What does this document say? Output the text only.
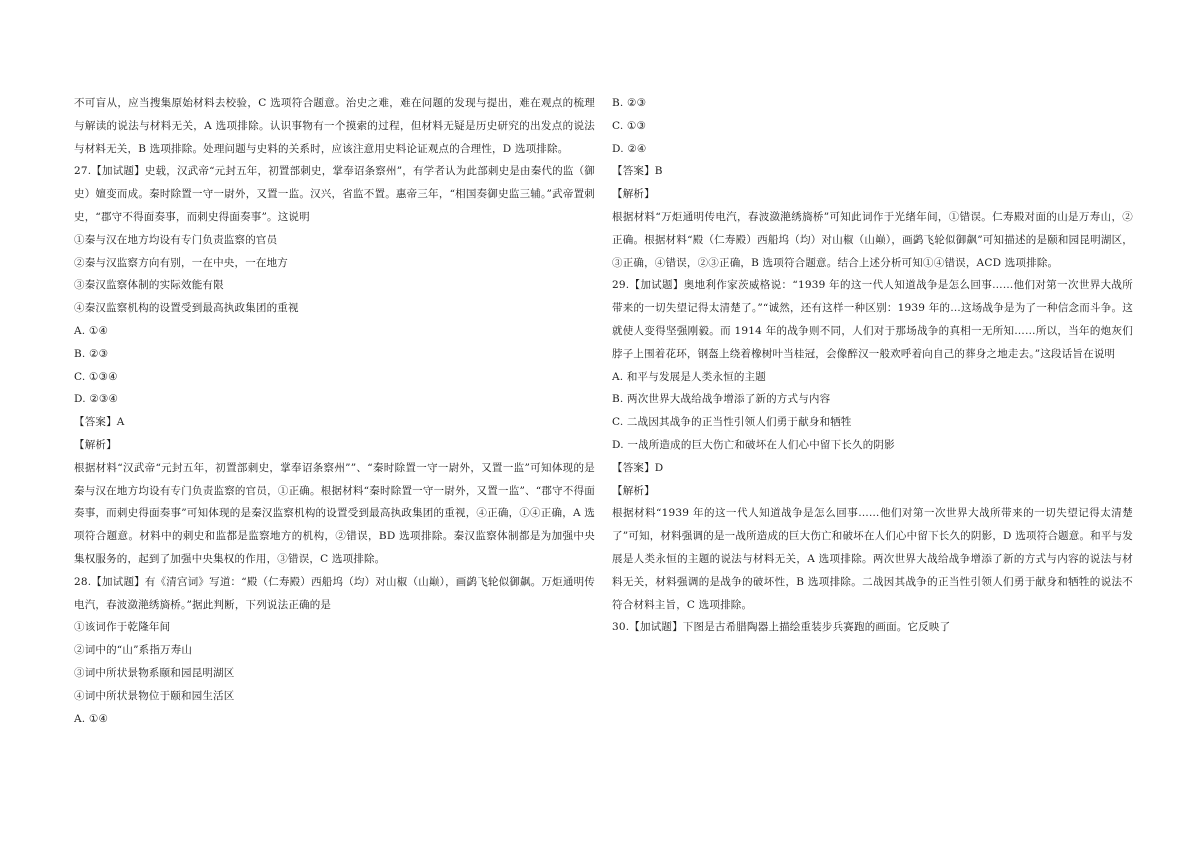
不可盲从，应当搜集原始材料去校验，C 选项符合题意。治史之难，难在问题的发现与提出，难在观点的梳理与解读的说法与材料无关，A 选项排除。认识事物有一个摸索的过程，但材料无疑是历史研究的出发点的说法与材料无关，B 选项排除。处理问题与史料的关系时，应该注意用史料论证观点的合理性，D 选项排除。

27.【加试题】史载，汉武帝“元封五年，初置部刺史，掌奉诏条察州”，有学者认为此部刺史是由秦代的监（御史）嬗变而成。秦时除置一守一尉外，又置一监。汉兴，省监不置。惠帝三年，“相国奏御史监三辅。”武帝置刺史，“郡守不得面奏事，而刺史得面奏事”。这说明

①秦与汉在地方均设有专门负责监察的官员

②秦与汉监察方向有别，一在中央，一在地方

③秦汉监察体制的实际效能有限

④秦汉监察机构的设置受到最高执政集团的重视

A. ①④

B. ②③

C. ①③④

D. ②③④

【答案】A

【解析】

根据材料“汉武帝“元封五年，初置部刺史，掌奉诏条察州””、“秦时除置一守一尉外，又置一监”可知体现的是秦与汉在地方均设有专门负责监察的官员，①正确。根据材料“秦时除置一守一尉外，又置一监”、“郡守不得面奏事，而刺史得面奏事”可知体现的是秦汉监察机构的设置受到最高执政集团的重视，④正确，①④正确，A 选项符合题意。材料中的刺史和监都是监察地方的机构，②错误，BD 选项排除。秦汉监察体制都是为加强中央集权服务的，起到了加强中央集权的作用，③错误，C 选项排除。

28.【加试题】有《清宫词》写道：“殿（仁寿殿）西船坞（均）对山椒（山巅），画鹢飞轮似御飙。万炬通明传电汽，春波潋滟绣旖桥。”据此判断，下列说法正确的是

①该词作于乾隆年间

②词中的“山”系指万寿山

③词中所状景物系颐和园昆明湖区

④词中所状景物位于颐和园生活区

A. ①④

B. ②③

C. ①③

D. ②④

【答案】B

【解析】

根据材料“万炬通明传电汽，春波潋滟绣旖桥”可知此词作于光绪年间，①错误。仁寿殿对面的山是万寿山，②正确。根据材料“殿（仁寿殿）西船坞（均）对山椒（山巅），画鹢飞轮似御飙”可知描述的是颐和园昆明湖区，③正确，④错误，②③正确，B 选项符合题意。结合上述分析可知①④错误，ACD 选项排除。

29.【加试题】奥地利作家茨威格说：“1939 年的这一代人知道战争是怎么回事……他们对第一次世界大战所带来的一切失望记得太清楚了。”“诚然，还有这样一种区别：1939 年的…这场战争是为了一种信念而斗争。这就使人变得坚强刚毅。而 1914 年的战争则不同，人们对于那场战争的真相一无所知……所以，当年的炮灰们脖子上围着花环，钢盔上绕着橡树叶当桂冠，会像醉汉一般欢呼着向自己的葬身之地走去。”这段话旨在说明

A. 和平与发展是人类永恒的主题

B. 两次世界大战给战争增添了新的方式与内容

C. 二战因其战争的正当性引领人们勇于献身和牺牲

D. 一战所造成的巨大伤亡和破坏在人们心中留下长久的阴影

【答案】D

【解析】

根据材料“1939 年的这一代人知道战争是怎么回事……他们对第一次世界大战所带来的一切失望记得太清楚了”可知，材料强调的是一战所造成的巨大伤亡和破坏在人们心中留下长久的阴影，D 选项符合题意。和平与发展是人类永恒的主题的说法与材料无关，A 选项排除。两次世界大战给战争增添了新的方式与内容的说法与材料无关，材料强调的是战争的破坏性，B 选项排除。二战因其战争的正当性引领人们勇于献身和牺牲的说法不符合材料主旨，C 选项排除。

30.【加试题】下图是古希腊陶器上描绘重装步兵赛跑的画面。它反映了
